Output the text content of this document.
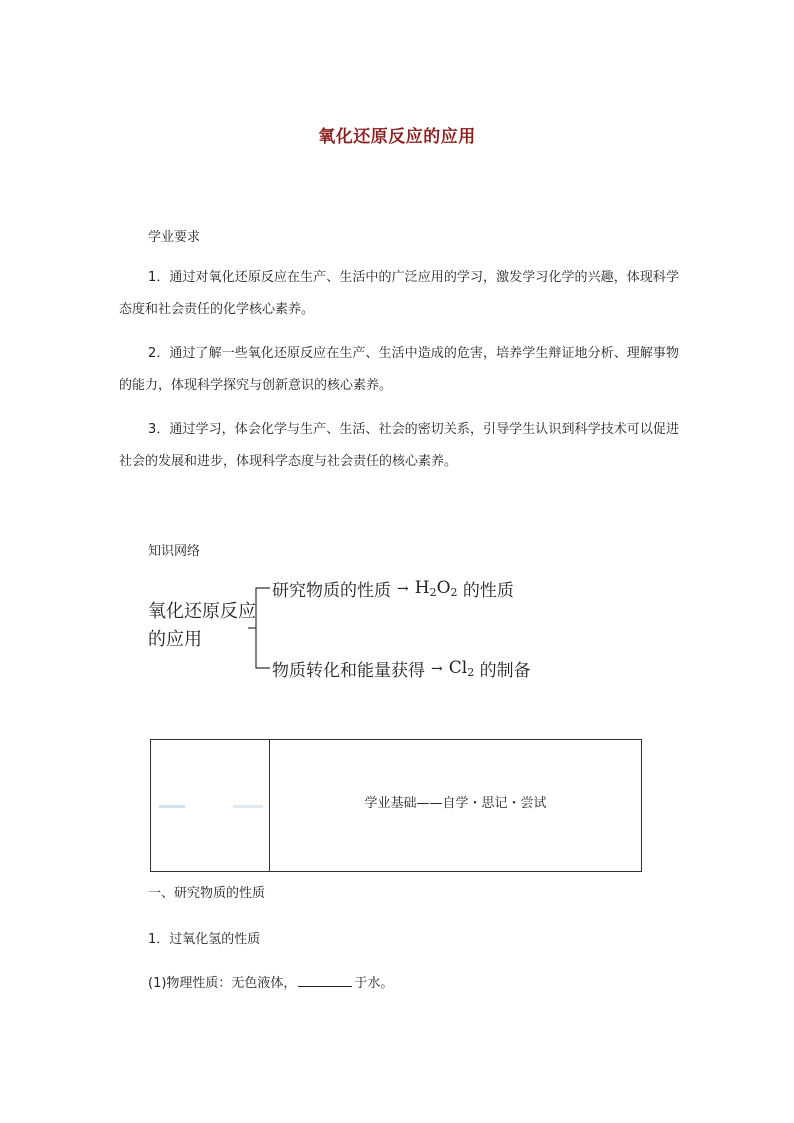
氧化还原反应的应用
学业要求
1．通过对氧化还原反应在生产、生活中的广泛应用的学习，激发学习化学的兴趣，体现科学态度和社会责任的化学核心素养。
2．通过了解一些氧化还原反应在生产、生活中造成的危害，培养学生辩证地分析、理解事物的能力，体现科学探究与创新意识的核心素养。
3．通过学习，体会化学与生产、生活、社会的密切关系，引导学生认识到科学技术可以促进社会的发展和进步，体现科学态度与社会责任的核心素养。
知识网络
氧化还原反应的应用
研究物质的性质 → $H_2O_2$ 的性质
物质转化和能量获得 → $Cl_2$ 的制备
学业基础——自学・思记・尝试
一、研究物质的性质
1．过氧化氢的性质
(1)物理性质：无色液体，	于水。
